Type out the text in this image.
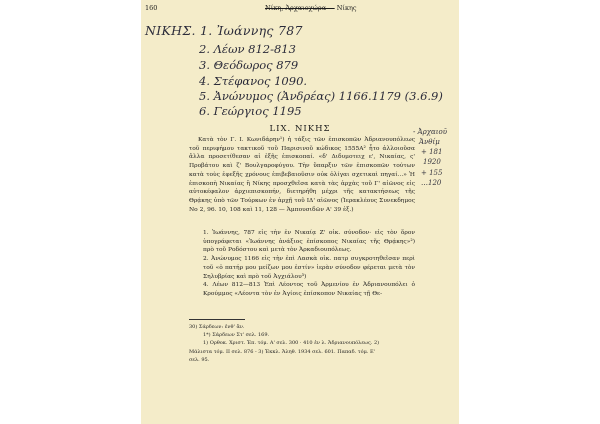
160	Νίκη, Ἀρχαιοχώρα — Νίκης
ΝΙΚΗΣ. 1. Ἰωάννης 787
2. Λέων 812-813
3. Θεόδωρος 879
4. Στέφανος 1090.
5. Ἀνώνυμος (Ἀνδρέας) 1166.1179 (3.6.9)
6. Γεώργιος 1195
- Ἀρχαιοῦ
Ἀνθίμ
+ 181
1920
+ 155
…120
LIX. ΝΙΚΗΣ
Κατὰ τὸν Γ. Ι. Κωνιδάρην¹) ἡ τάξις τῶν ἐπισκοπῶν Ἀδριανουπόλεως τοῦ περιφήμου τακτικοῦ τοῦ Παρισινοῦ κώδικος 1555Α² ἦτο ἀλλοιοῦσα ἄλλα προσετίθεσαν αἱ ἑξῆς ἐπισκοπαί. «δ' Διδυμοτειχ ε', Νικαίας, ς' Προβάτου καὶ ζ' Βουλγαροφύγου. Τὴν ὕπαρξιν τῶν ἐπισκοπῶν τούτων κατὰ τοὺς ἐφεξῆς χρόνους ἐπιβεβαιοῦσιν οὐκ ὀλίγαι σχετικαὶ πηγαί...» Ἡ ἐπισκοπὴ Νικαίας ἢ Νίκης προσχθεῖσα κατὰ τὰς ἀρχὰς τοῦ Γ' αἰῶνος εἰς αὐτοκέφαλον ἀρχιεπισκοπήν, διετηρήθη μέχρι τῆς κατακτήσεως τῆς Θρᾴκης ὑπὸ τῶν Τούρκων ἐν ἀρχῇ τοῦ ΙΔ' αἰῶνος (Ἱερακλέους Συνεκδημος Νο 2, 96. 10, 108 καὶ 11, 128 — Ἀμπουσιδῶν Α' 39 ἐξ.)

1. Ἰωάννης, 787 εἰς τὴν ἐν Νικαίᾳ Ζ' οἰκ. σύνοδον· εἰς τὸν ὅρον ὑπογράφεται «Ἰωάννης ἀνάξιος ἐπίσκοπος Νικαίας τῆς Θρᾴκης»²) πρὸ τοῦ Ροδόστου καὶ μετὰ τὸν Ἀρκαδιουπόλεως.

2. Ἀνώνυμος 1166 εἰς τὴν ἐπὶ Λασκὰ οἰκ. πατρ συγκροτηθεῖσαν περὶ τοῦ «ὁ πατήρ μου μείζων μου ἐστίν» ἱερὰν σύνοδον φέρεται μετὰ τὸν Σηλυβρίας καὶ πρὸ τοῦ Ἀγχιάλου³)

4. Λέων 812—813 Ἐπὶ Λέοντος τοῦ Ἀρμενίου ἐν Ἀδριανουπόλει ὁ Κρούμμος «Λέοντα τὸν ἐν Ἁγίοις ἐπίσκοπον Νικαίας τῇ Θε-

30) Σάρδεων: ἐνθ' ἄν.

1*) Σάρδεων Στ' σελ. 169.

1) Ορθοκ. Χριστ. Ἐπ. τόμ. Α' σελ. 300 · 410 ἐν λ. Ἀδριανουπόλεως. 2)

Μάλιστα τόμ. ΙΙ σελ. 876 - 3) Ἐκκλ. Ἀληθ. 1934 σελ. 601. Παπαδ. τόμ. Ε'

σελ. 95.
